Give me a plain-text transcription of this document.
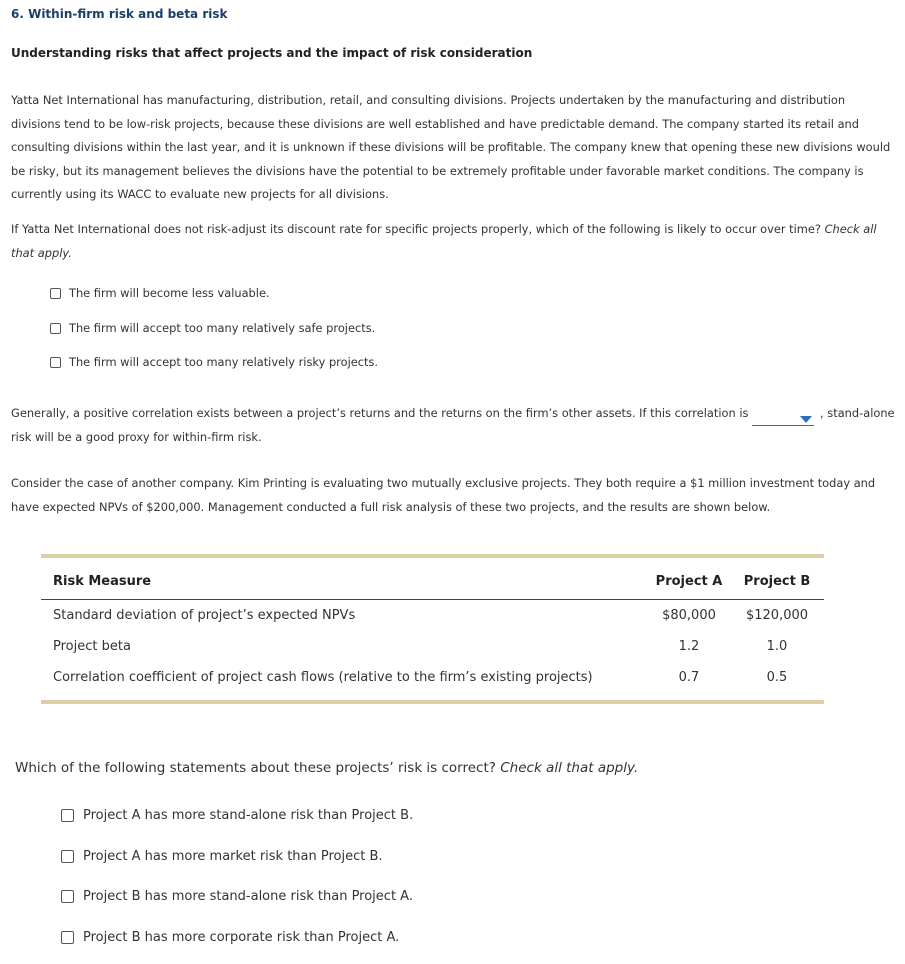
6. Within-firm risk and beta risk
Understanding risks that affect projects and the impact of risk consideration
Yatta Net International has manufacturing, distribution, retail, and consulting divisions. Projects undertaken by the manufacturing and distribution divisions tend to be low-risk projects, because these divisions are well established and have predictable demand. The company started its retail and consulting divisions within the last year, and it is unknown if these divisions will be profitable. The company knew that opening these new divisions would be risky, but its management believes the divisions have the potential to be extremely profitable under favorable market conditions. The company is currently using its WACC to evaluate new projects for all divisions.
If Yatta Net International does not risk-adjust its discount rate for specific projects properly, which of the following is likely to occur over time? Check all that apply.
The firm will become less valuable.
The firm will accept too many relatively safe projects.
The firm will accept too many relatively risky projects.
Generally, a positive correlation exists between a project’s returns and the returns on the firm’s other assets. If this correlation is	, stand-alone risk will be a good proxy for within-firm risk.
Consider the case of another company. Kim Printing is evaluating two mutually exclusive projects. They both require a $1 million investment today and have expected NPVs of $200,000. Management conducted a full risk analysis of these two projects, and the results are shown below.
Risk Measure	Project A	Project B
Standard deviation of project’s expected NPVs	$80,000	$120,000
Project beta	1.2	1.0
Correlation coefficient of project cash flows (relative to the firm’s existing projects)	0.7	0.5
Which of the following statements about these projects’ risk is correct? Check all that apply.
Project A has more stand-alone risk than Project B.
Project A has more market risk than Project B.
Project B has more stand-alone risk than Project A.
Project B has more corporate risk than Project A.
